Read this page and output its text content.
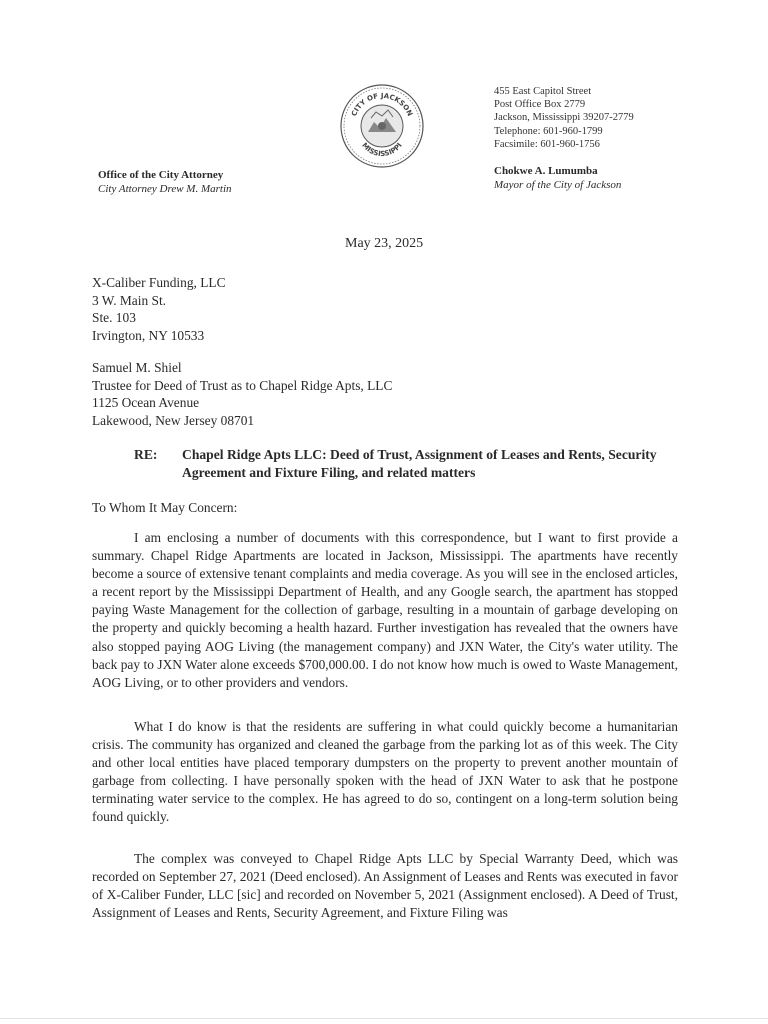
CITY OF JACKSON
MISSISSIPPI
455 East Capitol Street
Post Office Box 2779
Jackson, Mississippi 39207-2779
Telephone: 601-960-1799
Facsimile: 601-960-1756
Office of the City Attorney
City Attorney Drew M. Martin
Chokwe A. Lumumba
Mayor of the City of Jackson
May 23, 2025
X-Caliber Funding, LLC
3 W. Main St.
Ste. 103
Irvington, NY 10533
Samuel M. Shiel
Trustee for Deed of Trust as to Chapel Ridge Apts, LLC
1125 Ocean Avenue
Lakewood, New Jersey 08701
RE: Chapel Ridge Apts LLC: Deed of Trust, Assignment of Leases and Rents, Security Agreement and Fixture Filing, and related matters
To Whom It May Concern:
I am enclosing a number of documents with this correspondence, but I want to first provide a summary. Chapel Ridge Apartments are located in Jackson, Mississippi. The apartments have recently become a source of extensive tenant complaints and media coverage. As you will see in the enclosed articles, a recent report by the Mississippi Department of Health, and any Google search, the apartment has stopped paying Waste Management for the collection of garbage, resulting in a mountain of garbage developing on the property and quickly becoming a health hazard. Further investigation has revealed that the owners have also stopped paying AOG Living (the management company) and JXN Water, the City's water utility. The back pay to JXN Water alone exceeds $700,000.00. I do not know how much is owed to Waste Management, AOG Living, or to other providers and vendors.
What I do know is that the residents are suffering in what could quickly become a humanitarian crisis. The community has organized and cleaned the garbage from the parking lot as of this week. The City and other local entities have placed temporary dumpsters on the property to prevent another mountain of garbage from collecting. I have personally spoken with the head of JXN Water to ask that he postpone terminating water service to the complex. He has agreed to do so, contingent on a long-term solution being found quickly.
The complex was conveyed to Chapel Ridge Apts LLC by Special Warranty Deed, which was recorded on September 27, 2021 (Deed enclosed). An Assignment of Leases and Rents was executed in favor of X-Caliber Funder, LLC [sic] and recorded on November 5, 2021 (Assignment enclosed). A Deed of Trust, Assignment of Leases and Rents, Security Agreement, and Fixture Filing was
